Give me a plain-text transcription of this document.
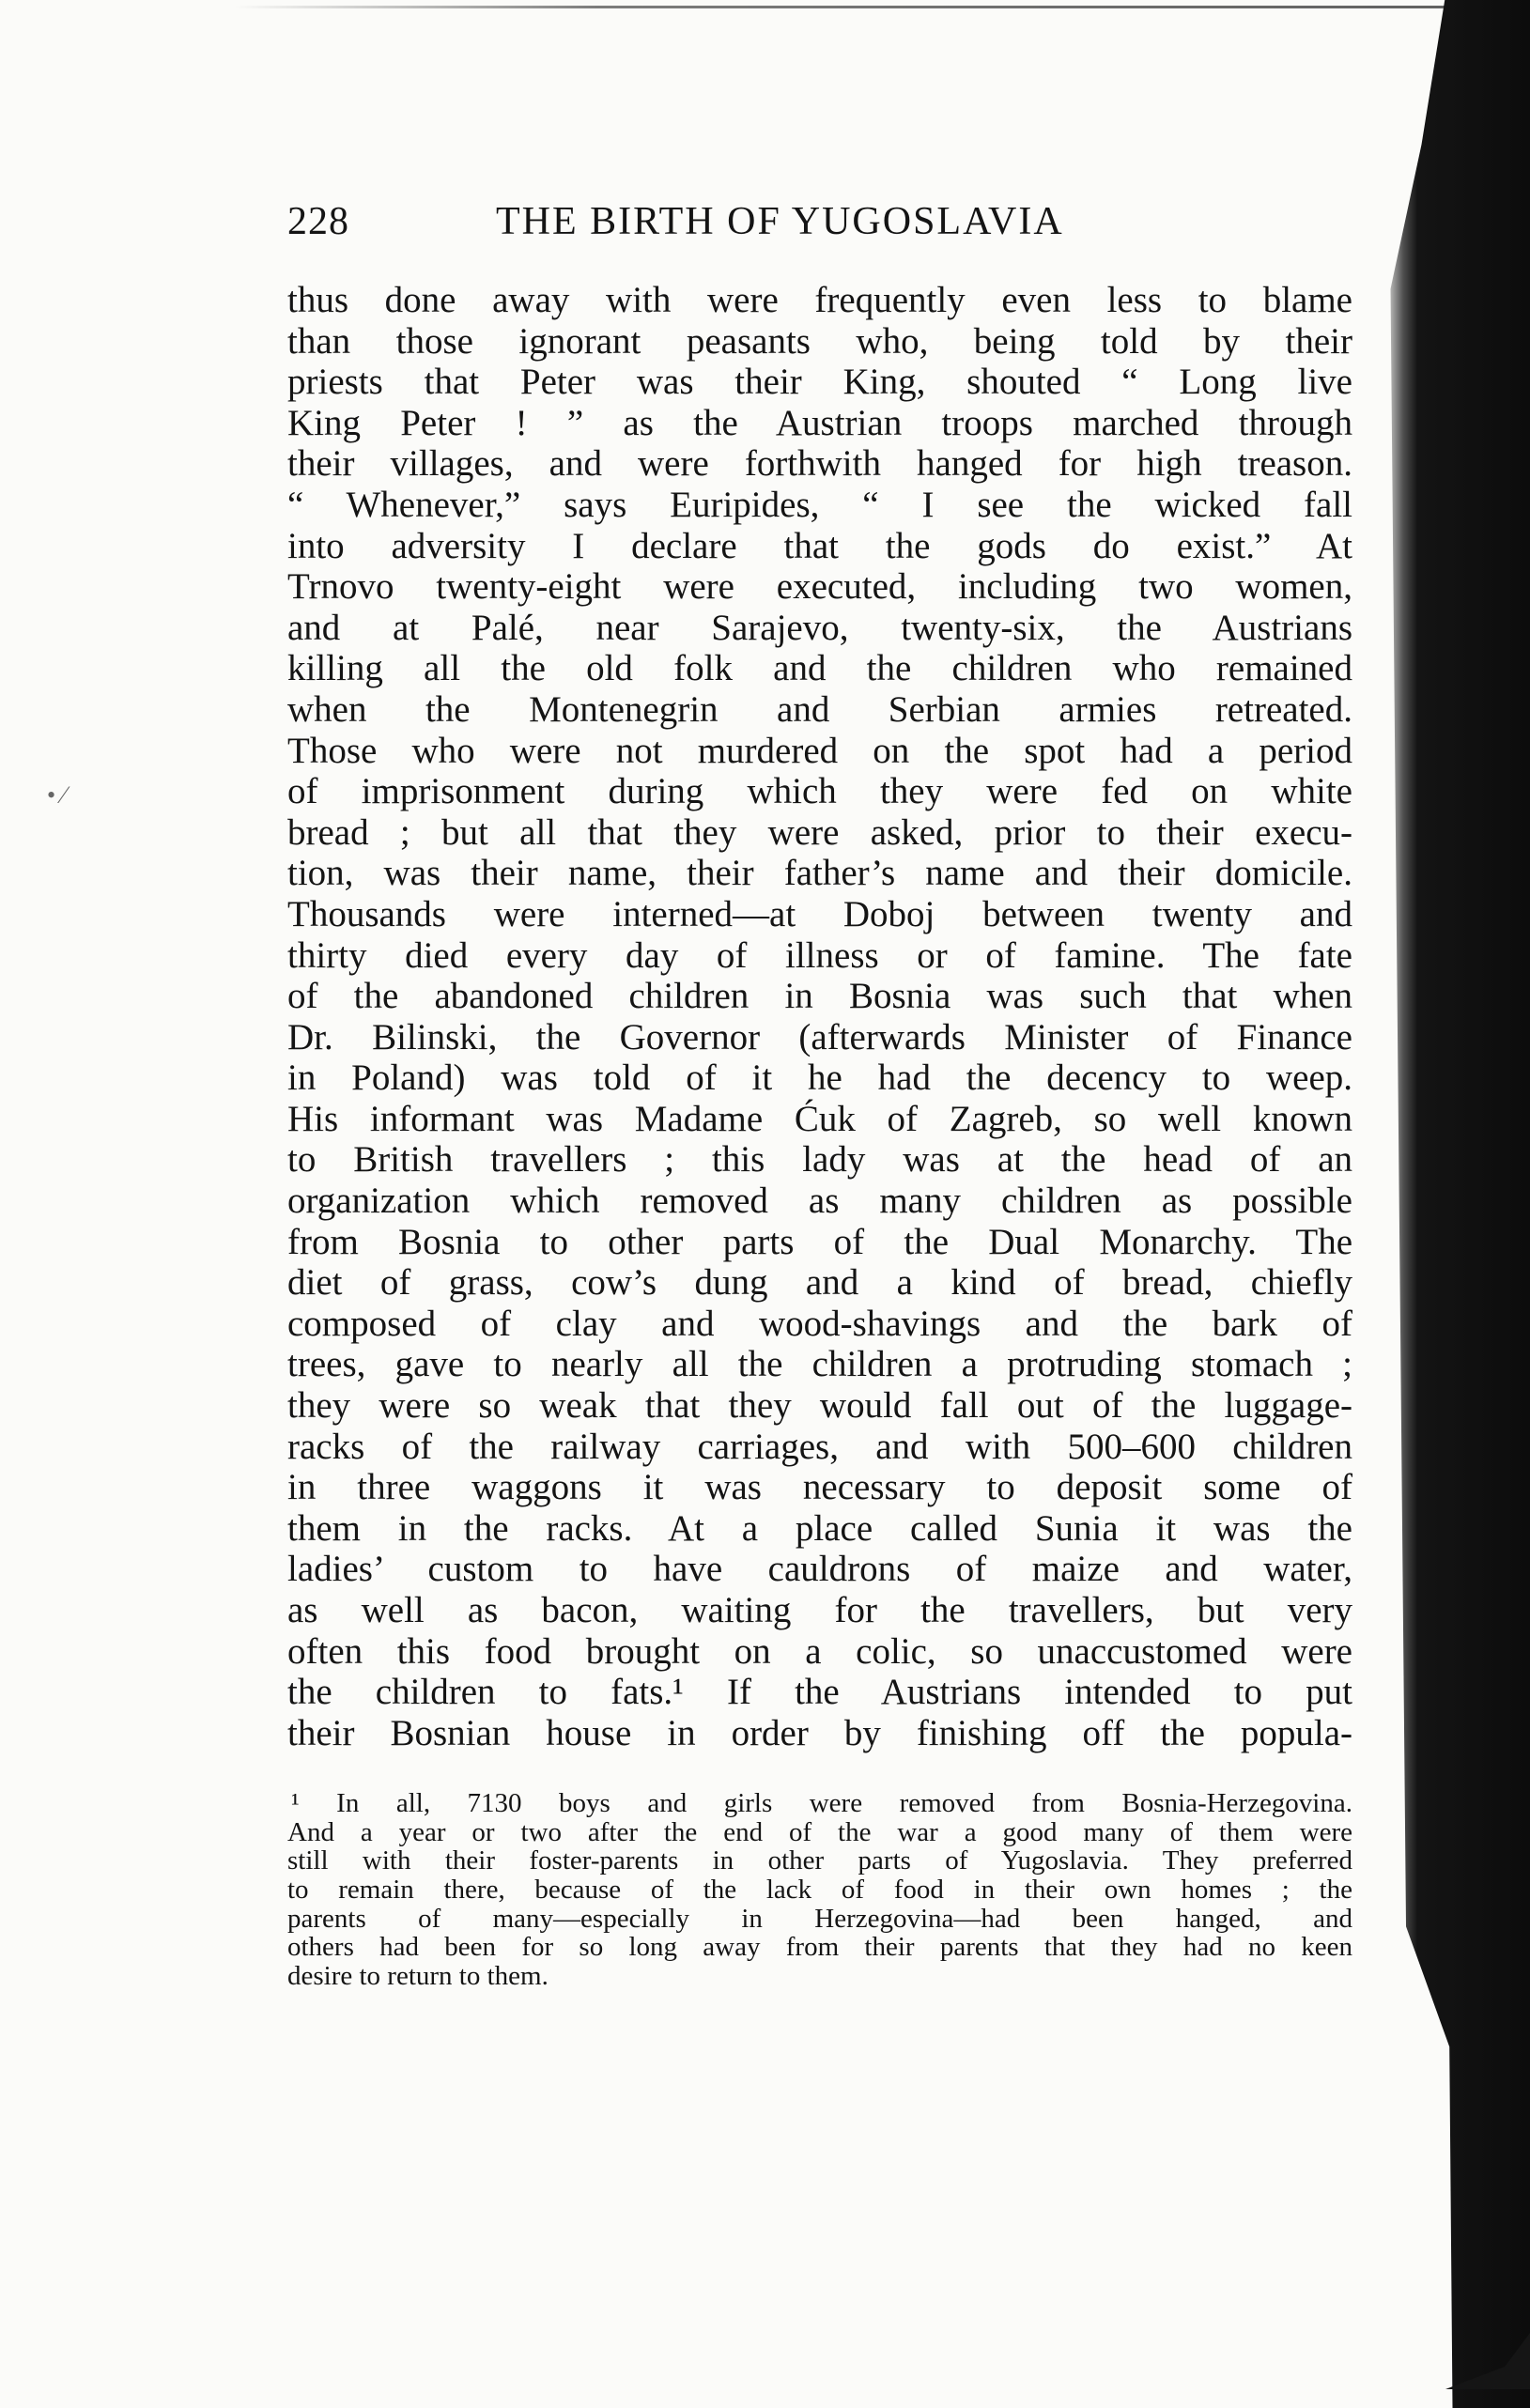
• ⁄
228	THE BIRTH OF YUGOSLAVIA
thus done away with were frequently even less to blame
than those ignorant peasants who, being told by their
priests that Peter was their King, shouted “ Long live
King Peter ! ” as the Austrian troops marched through
their villages, and were forthwith hanged for high treason.
“ Whenever,” says Euripides, “ I see the wicked fall
into adversity I declare that the gods do exist.” At
Trnovo twenty-eight were executed, including two women,
and at Palé, near Sarajevo, twenty-six, the Austrians
killing all the old folk and the children who remained
when the Montenegrin and Serbian armies retreated.
Those who were not murdered on the spot had a period
of imprisonment during which they were fed on white
bread ; but all that they were asked, prior to their execu-
tion, was their name, their father’s name and their domicile.
Thousands were interned—at Doboj between twenty and
thirty died every day of illness or of famine. The fate
of the abandoned children in Bosnia was such that when
Dr. Bilinski, the Governor (afterwards Minister of Finance
in Poland) was told of it he had the decency to weep.
His informant was Madame Ćuk of Zagreb, so well known
to British travellers ; this lady was at the head of an
organization which removed as many children as possible
from Bosnia to other parts of the Dual Monarchy. The
diet of grass, cow’s dung and a kind of bread, chiefly
composed of clay and wood-shavings and the bark of
trees, gave to nearly all the children a protruding stomach ;
they were so weak that they would fall out of the luggage-
racks of the railway carriages, and with 500–600 children
in three waggons it was necessary to deposit some of
them in the racks. At a place called Sunia it was the
ladies’ custom to have cauldrons of maize and water,
as well as bacon, waiting for the travellers, but very
often this food brought on a colic, so unaccustomed were
the children to fats.¹ If the Austrians intended to put
their Bosnian house in order by finishing off the popula-
¹ In all, 7130 boys and girls were removed from Bosnia-Herzegovina.
And a year or two after the end of the war a good many of them were
still with their foster-parents in other parts of Yugoslavia. They preferred
to remain there, because of the lack of food in their own homes ; the
parents of many—especially in Herzegovina—had been hanged, and
others had been for so long away from their parents that they had no keen
desire to return to them.
